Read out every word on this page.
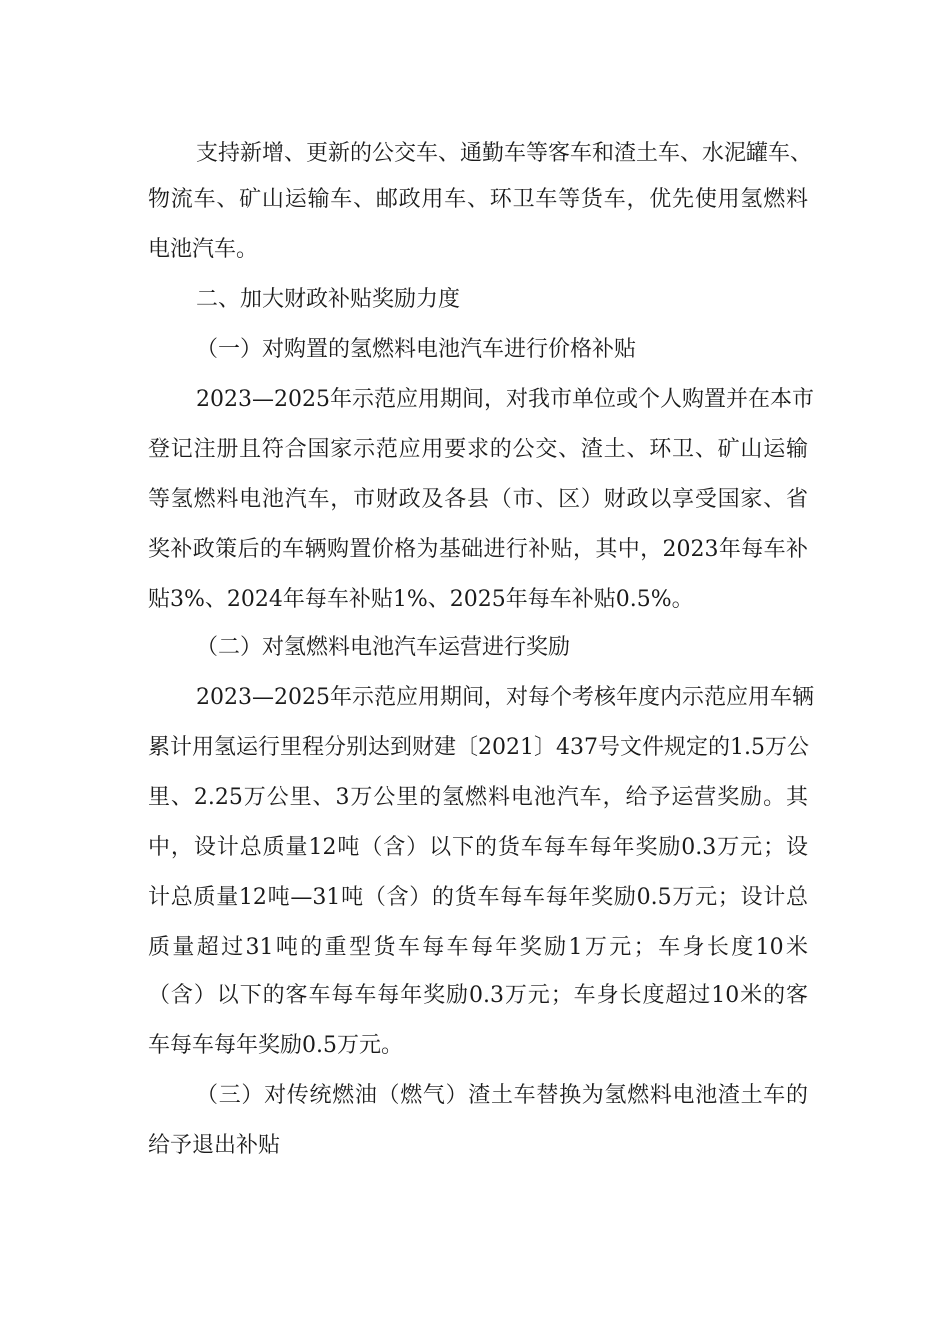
支持新增、更新的公交车、通勤车等客车和渣土车、水泥罐车、
物流车、矿山运输车、邮政用车、环卫车等货车，优先使用氢燃料
电池汽车。
二、加大财政补贴奖励力度
（一）对购置的氢燃料电池汽车进行价格补贴
2023—2025年示范应用期间，对我市单位或个人购置并在本市
登记注册且符合国家示范应用要求的公交、渣土、环卫、矿山运输
等氢燃料电池汽车，市财政及各县（市、区）财政以享受国家、省
奖补政策后的车辆购置价格为基础进行补贴，其中，2023年每车补
贴3%、2024年每车补贴1%、2025年每车补贴0.5%。
（二）对氢燃料电池汽车运营进行奖励
2023—2025年示范应用期间，对每个考核年度内示范应用车辆
累计用氢运行里程分别达到财建〔2021〕437号文件规定的1.5万公
里、2.25万公里、3万公里的氢燃料电池汽车，给予运营奖励。其
中，设计总质量12吨（含）以下的货车每车每年奖励0.3万元；设
计总质量12吨—31吨（含）的货车每车每年奖励0.5万元；设计总
质量超过31吨的重型货车每车每年奖励1万元；车身长度10米
（含）以下的客车每车每年奖励0.3万元；车身长度超过10米的客
车每车每年奖励0.5万元。
（三）对传统燃油（燃气）渣土车替换为氢燃料电池渣土车的
给予退出补贴
